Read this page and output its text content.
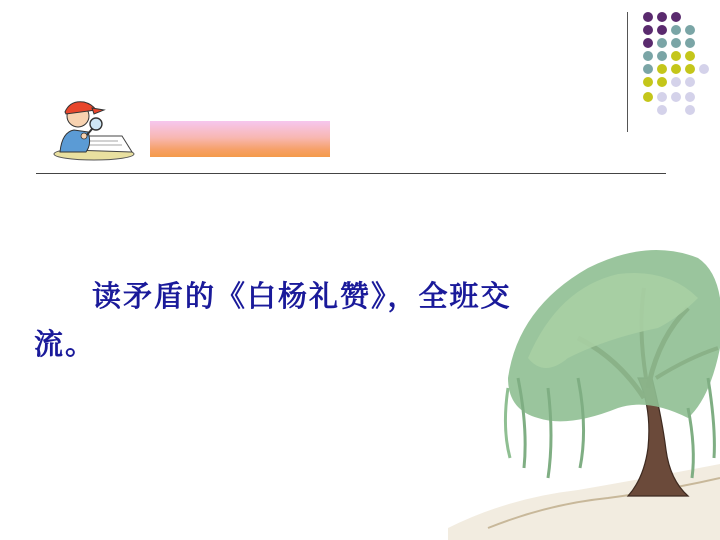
读矛盾的《白杨礼赞》，全班交流。
